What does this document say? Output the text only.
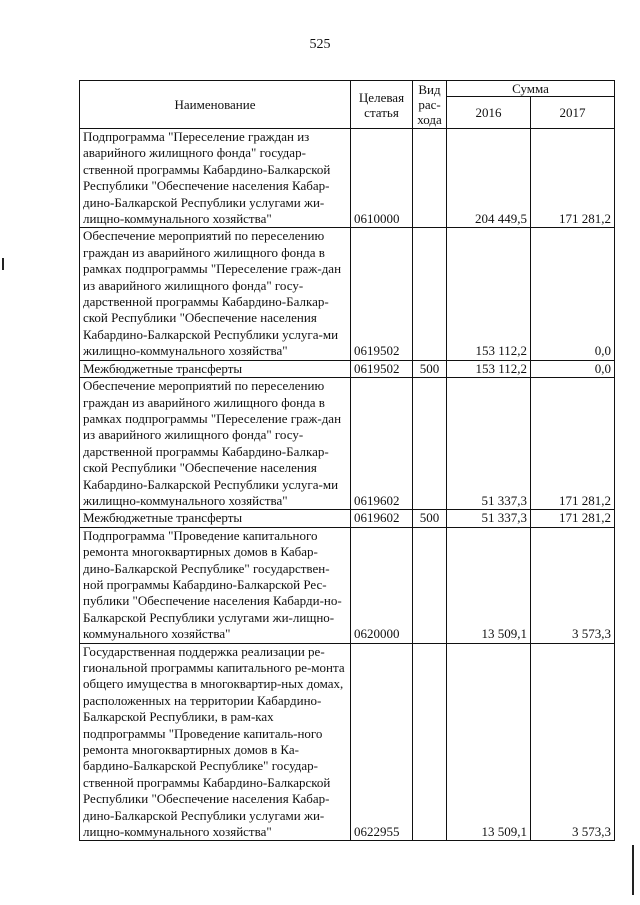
525
Наименование	Целевая статья	Вид рас-хода	Сумма	
			2016	2017
Подпрограмма "Переселение граждан из аварийного жилищного фонда" государ-ственной программы Кабардино-Балкарской Республики "Обеспечение населения Кабар-дино-Балкарской Республики услугами жи-лищно-коммунального хозяйства"	0610000		204 449,5	171 281,2
Обеспечение мероприятий по переселению граждан из аварийного жилищного фонда в рамках подпрограммы "Переселение граж-дан из аварийного жилищного фонда" госу-дарственной программы Кабардино-Балкар-ской Республики "Обеспечение населения Кабардино-Балкарской Республики услуга-ми жилищно-коммунального хозяйства"	0619502		153 112,2	0,0
Межбюджетные трансферты	0619502	500	153 112,2	0,0
Обеспечение мероприятий по переселению граждан из аварийного жилищного фонда в рамках подпрограммы "Переселение граж-дан из аварийного жилищного фонда" госу-дарственной программы Кабардино-Балкар-ской Республики "Обеспечение населения Кабардино-Балкарской Республики услуга-ми жилищно-коммунального хозяйства"	0619602		51 337,3	171 281,2
Межбюджетные трансферты	0619602	500	51 337,3	171 281,2
Подпрограмма "Проведение капитального ремонта многоквартирных домов в Кабар-дино-Балкарской Республике" государствен-ной программы Кабардино-Балкарской Рес-публики "Обеспечение населения Кабарди-но-Балкарской Республики услугами жи-лищно-коммунального хозяйства"	0620000		13 509,1	3 573,3
Государственная поддержка реализации ре-гиональной программы капитального ре-монта общего имущества в многоквартир-ных домах, расположенных на территории Кабардино-Балкарской Республики, в рам-ках подпрограммы "Проведение капиталь-ного ремонта многоквартирных домов в Ка-бардино-Балкарской Республике" государ-ственной программы Кабардино-Балкарской Республики "Обеспечение населения Кабар-дино-Балкарской Республики услугами жи-лищно-коммунального хозяйства"	0622955		13 509,1	3 573,3
